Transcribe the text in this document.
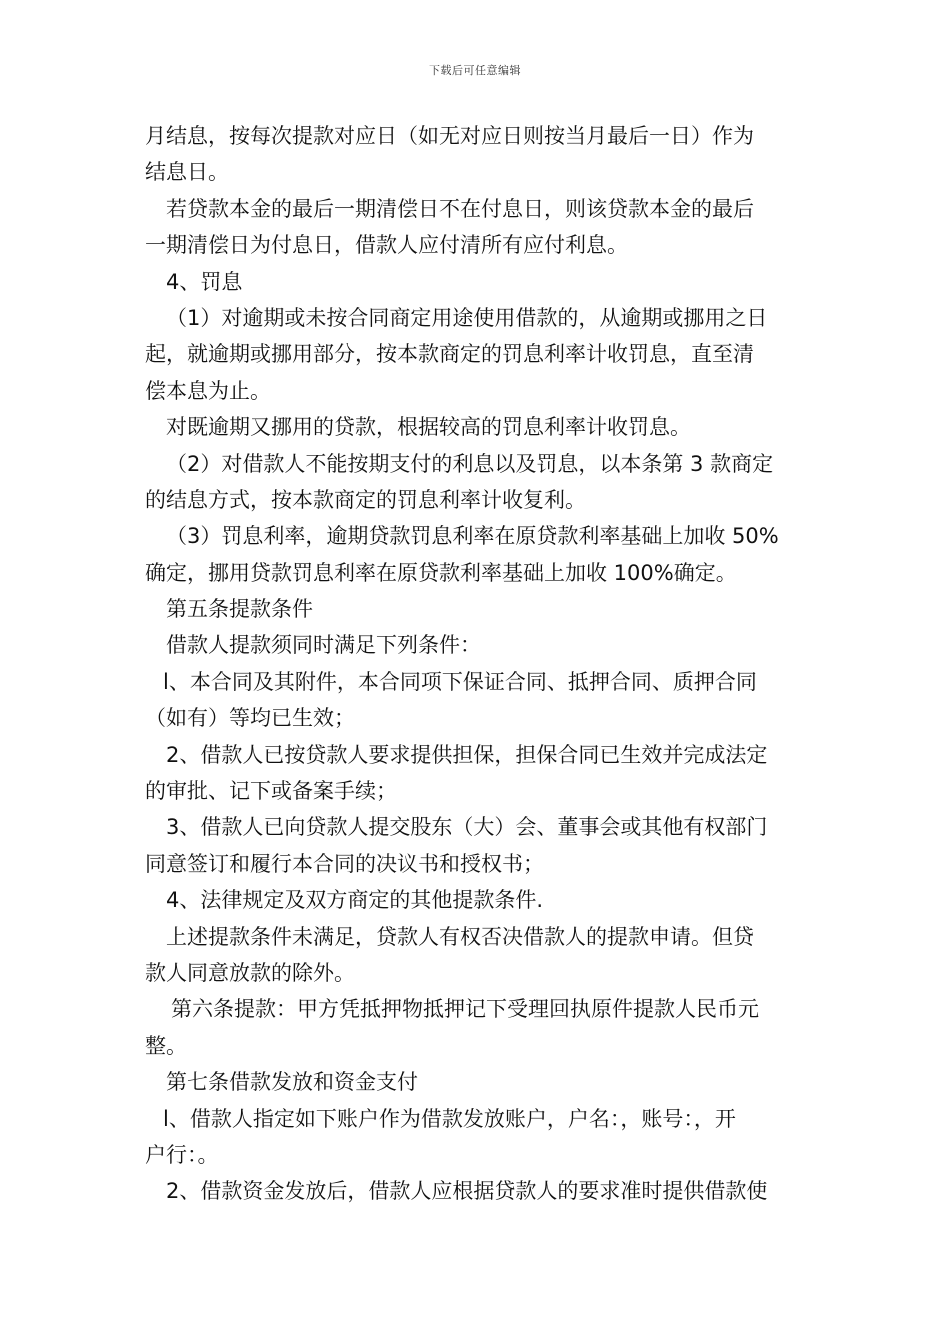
下载后可任意编辑
月结息，按每次提款对应日（如无对应日则按当月最后一日）作为
结息日。
若贷款本金的最后一期清偿日不在付息日，则该贷款本金的最后
一期清偿日为付息日，借款人应付清所有应付利息。
4、罚息
（1）对逾期或未按合同商定用途使用借款的，从逾期或挪用之日
起，就逾期或挪用部分，按本款商定的罚息利率计收罚息，直至清
偿本息为止。
对既逾期又挪用的贷款，根据较高的罚息利率计收罚息。
（2）对借款人不能按期支付的利息以及罚息，以本条第 3 款商定
的结息方式，按本款商定的罚息利率计收复利。
（3）罚息利率，逾期贷款罚息利率在原贷款利率基础上加收 50%
确定，挪用贷款罚息利率在原贷款利率基础上加收 100%确定。
第五条提款条件
借款人提款须同时满足下列条件：
l、本合同及其附件，本合同项下保证合同、抵押合同、质押合同
（如有）等均已生效；
2、借款人已按贷款人要求提供担保，担保合同已生效并完成法定
的审批、记下或备案手续；
3、借款人已向贷款人提交股东（大）会、董事会或其他有权部门
同意签订和履行本合同的决议书和授权书；
4、法律规定及双方商定的其他提款条件.
上述提款条件未满足，贷款人有权否决借款人的提款申请。但贷
款人同意放款的除外。
第六条提款：甲方凭抵押物抵押记下受理回执原件提款人民币元
整。
第七条借款发放和资金支付
l、借款人指定如下账户作为借款发放账户，户名：，账号：，开
户行：。
2、借款资金发放后，借款人应根据贷款人的要求准时提供借款使
